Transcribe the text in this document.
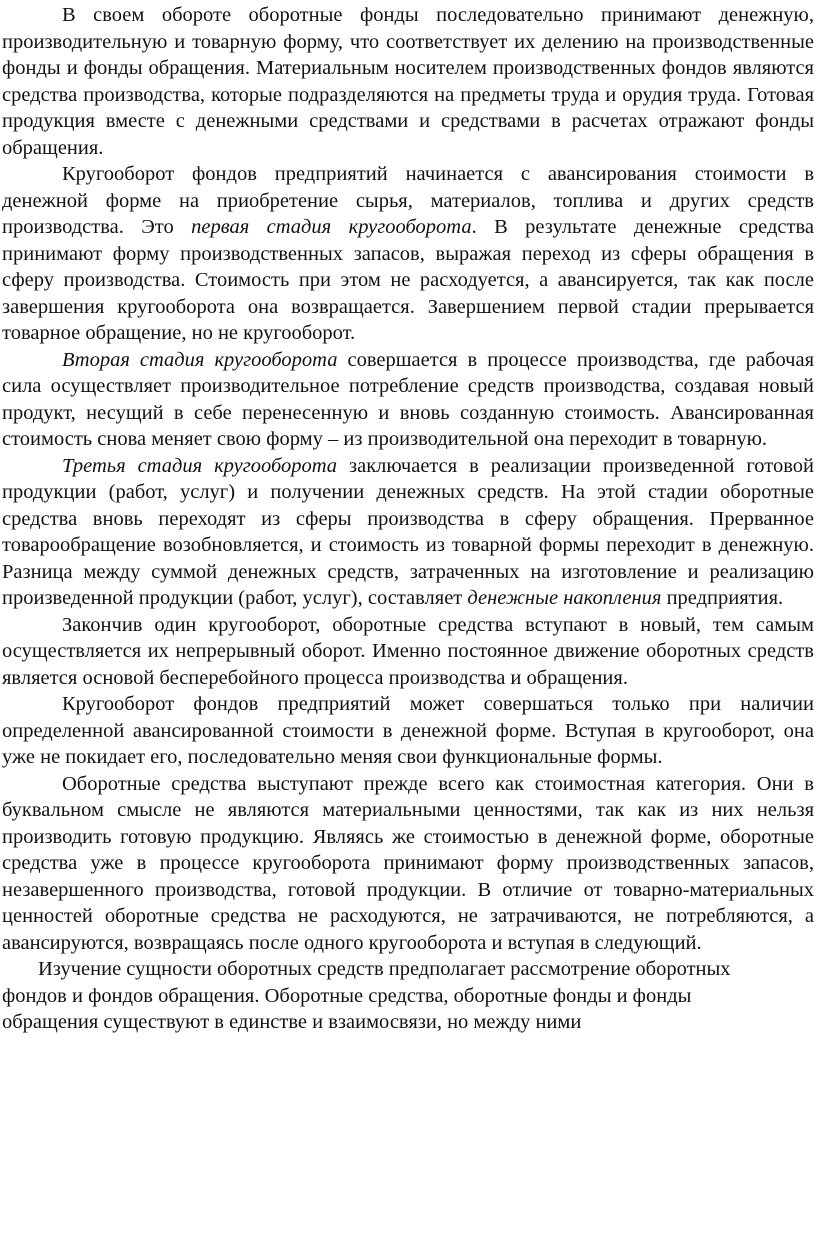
В своем обороте оборотные фонды последовательно принимают денежную, производительную и товарную форму, что соответствует их делению на производственные фонды и фонды обращения. Материальным носителем производственных фондов являются средства производства, которые подразделяются на предметы труда и орудия труда. Готовая продукция вместе с денежными средствами и средствами в расчетах отражают фонды обращения.

Кругооборот фондов предприятий начинается с авансирования стоимости в денежной форме на приобретение сырья, материалов, топлива и других средств производства. Это первая стадия кругооборота. В результате денежные средства принимают форму производственных запасов, выражая переход из сферы обращения в сферу производства. Стоимость при этом не расходуется, а авансируется, так как после завершения кругооборота она возвращается. Завершением первой стадии прерывается товарное обращение, но не кругооборот.

Вторая стадия кругооборота совершается в процессе производства, где рабочая сила осуществляет производительное потребление средств производства, создавая новый продукт, несущий в себе перенесенную и вновь созданную стоимость. Авансированная стоимость снова меняет свою форму – из производительной она переходит в товарную.

Третья стадия кругооборота заключается в реализации произведенной готовой продукции (работ, услуг) и получении денежных средств. На этой стадии оборотные средства вновь переходят из сферы производства в сферу обращения. Прерванное товарообращение возобновляется, и стоимость из товарной формы переходит в денежную. Разница между суммой денежных средств, затраченных на изготовление и реализацию произведенной продукции (работ, услуг), составляет денежные накопления предприятия.

Закончив один кругооборот, оборотные средства вступают в новый, тем самым осуществляется их непрерывный оборот. Именно постоянное движение оборотных средств является основой бесперебойного процесса производства и обращения.

Кругооборот фондов предприятий может совершаться только при наличии определенной авансированной стоимости в денежной форме. Вступая в кругооборот, она уже не покидает его, последовательно меняя свои функциональные формы.

Оборотные средства выступают прежде всего как стоимостная категория. Они в буквальном смысле не являются материальными ценностями, так как из них нельзя производить готовую продукцию. Являясь же стоимостью в денежной форме, оборотные средства уже в процессе кругооборота принимают форму производственных запасов, незавершенного производства, готовой продукции. В отличие от товарно-материальных ценностей оборотные средства не расходуются, не затрачиваются, не потребляются, а авансируются, возвращаясь после одного кругооборота и вступая в следующий.

Изучение сущности оборотных средств предполагает рассмотрение оборотных фондов и фондов обращения. Оборотные средства, оборотные фонды и фонды обращения существуют в единстве и взаимосвязи, но между ними
